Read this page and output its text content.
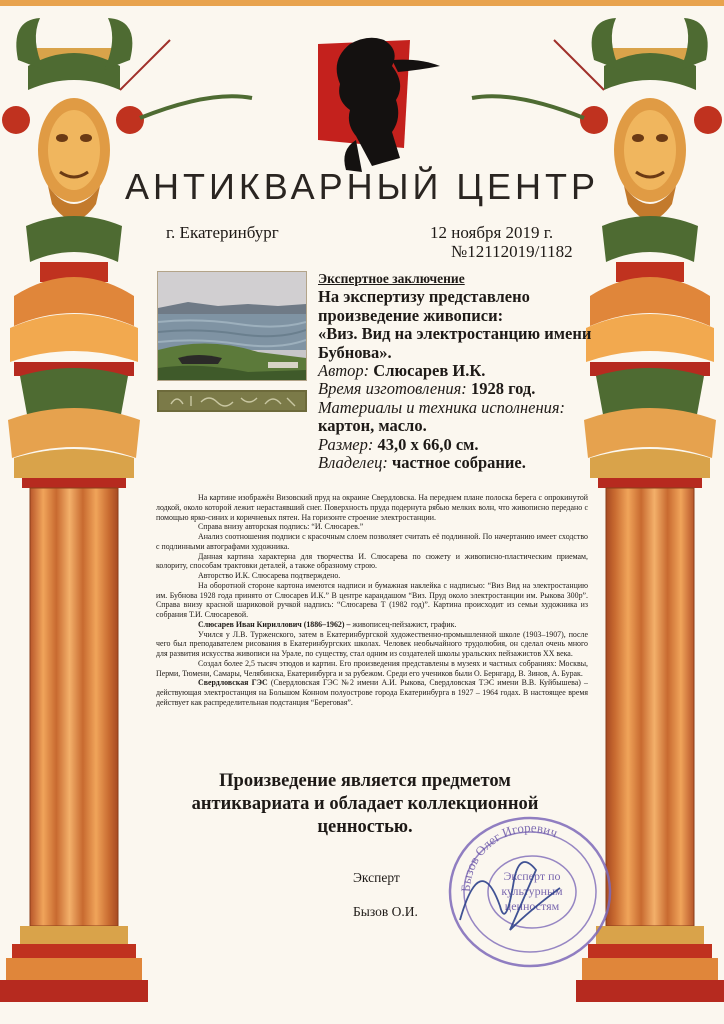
АНТИКВАРНЫЙ ЦЕНТР
г. Екатеринбург	12 ноября 2019 г.
№12112019/1182
Экспертное заключение
На экспертизу представлено произведение живописи:
«Виз. Вид на электростанцию имени Бубнова».
Автор: Слюсарев И.К.
Время изготовления: 1928 год.
Материалы и техника исполнения: картон, масло.
Размер: 43,0 х 66,0 см.
Владелец: частное собрание.

На картине изображён Визовский пруд на окраине Свердловска. На переднем плане полоска берега с опрокинутой лодкой, около которой лежит нерастаявший снег. Поверхность пруда подернута рябью мелких волн, что живописно передано с помощью ярко-синих и коричневых пятен. На горизонте строение электростанции.

Справа внизу авторская подпись: “И. Слюсарев.”

Анализ соотношения подписи с красочным слоем позволяет считать её подлинной. По начертанию имеет сходство с подлинными автографами художника.

Данная картина характерна для творчества И. Слюсарева по сюжету и живописно-пластическим приемам, колориту, способам трактовки деталей, а также образному строю.

Авторство И.К. Слюсарева подтверждено.

На оборотной стороне картона имеются надписи и бумажная наклейка с надписью: “Виз Вид на электростанцию им. Бубнова 1928 года принято от Слюсарев И.К.” В центре карандашом “Виз. Пруд около электростанции им. Рыкова 300р”. Справа внизу красной шариковой ручкой надпись: “Слюсарева Т (1982 год)”. Картина происходит из семьи художника из собрания Т.И. Слюсаревой.

Слюсарев Иван Кириллович (1886–1962) – живописец-пейзажист, график.

Учился у Л.В. Турженского, затем в Екатеринбургской художественно-промышленной школе (1903–1907), после чего был преподавателем рисования в Екатеринбургских школах. Человек необычайного трудолюбия, он сделал очень много для развития искусства живописи на Урале, по существу, стал одним из создателей школы уральских пейзажистов XX века.

Создал более 2,5 тысяч этюдов и картин. Его произведения представлены в музеях и частных собраниях: Москвы, Перми, Тюмени, Самары, Челябинска, Екатеринбурга и за рубежом. Среди его учеников были О. Бернгард, В. Зинов, А. Бурак.

Свердловская ГЭС (Свердловская ГЭС №2 имени А.И. Рыкова, Свердловская ТЭС имени В.В. Куйбышева) – действующая электростанция на Большом Конном полуострове города Екатеринбурга в 1927 – 1964 годах. В настоящее время действует как распределительная подстанция “Береговая”.

Произведение является предметом
антиквариата и обладает коллекционной
ценностью.
Эксперт
Бызов О.И.
Бызов Олег Игоревич
Эксперт по
культурным
ценностям
